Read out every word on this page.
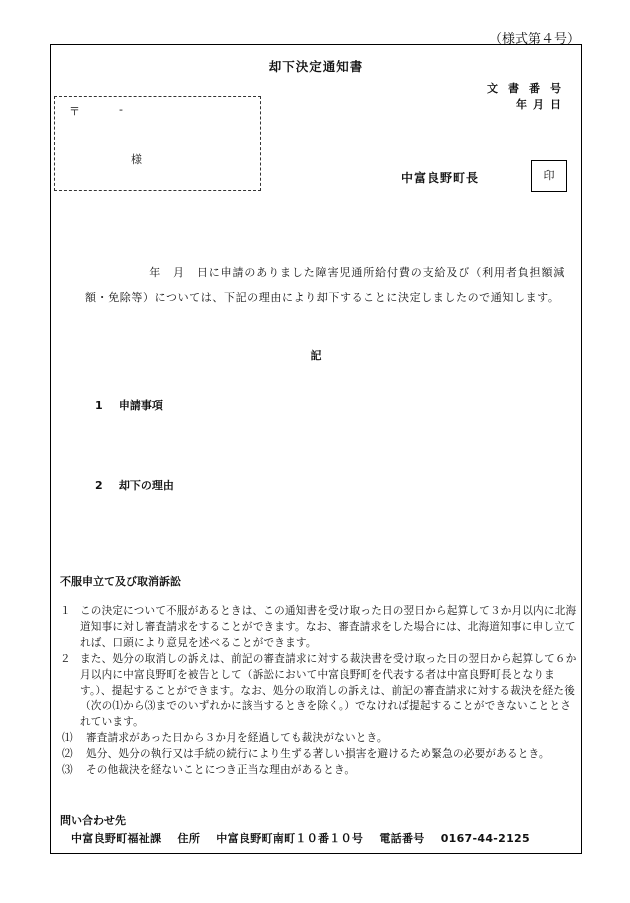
（様式第４号）
却下決定通知書
文書番号
年月日
〒	-
様
中富良野町長	印
年　月　日に申請のありました障害児通所給付費の支給及び（利用者負担額減額・免除等）については、下記の理由により却下することに決定しましたので通知します。
記
1 申請事項
2 却下の理由
不服申立て及び取消訴訟
１ この決定について不服があるときは、この通知書を受け取った日の翌日から起算して３か月以内に北海道知事に対し審査請求をすることができます。なお、審査請求をした場合には、北海道知事に申し立てれば、口頭により意見を述べることができます。
２ また、処分の取消しの訴えは、前記の審査請求に対する裁決書を受け取った日の翌日から起算して６か月以内に中富良野町を被告として（訴訟において中富良野町を代表する者は中富良野町長となります。）、提起することができます。なお、処分の取消しの訴えは、前記の審査請求に対する裁決を経た後（次の⑴から⑶までのいずれかに該当するときを除く。）でなければ提起することができないこととされています。
⑴ 審査請求があった日から３か月を経過しても裁決がないとき。
⑵ 処分、処分の執行又は手続の続行により生ずる著しい損害を避けるため緊急の必要があるとき。
⑶ その他裁決を経ないことにつき正当な理由があるとき。
問い合わせ先
中富良野町福祉課 住所 中富良野町南町１０番１０号 電話番号 0167-44-2125
